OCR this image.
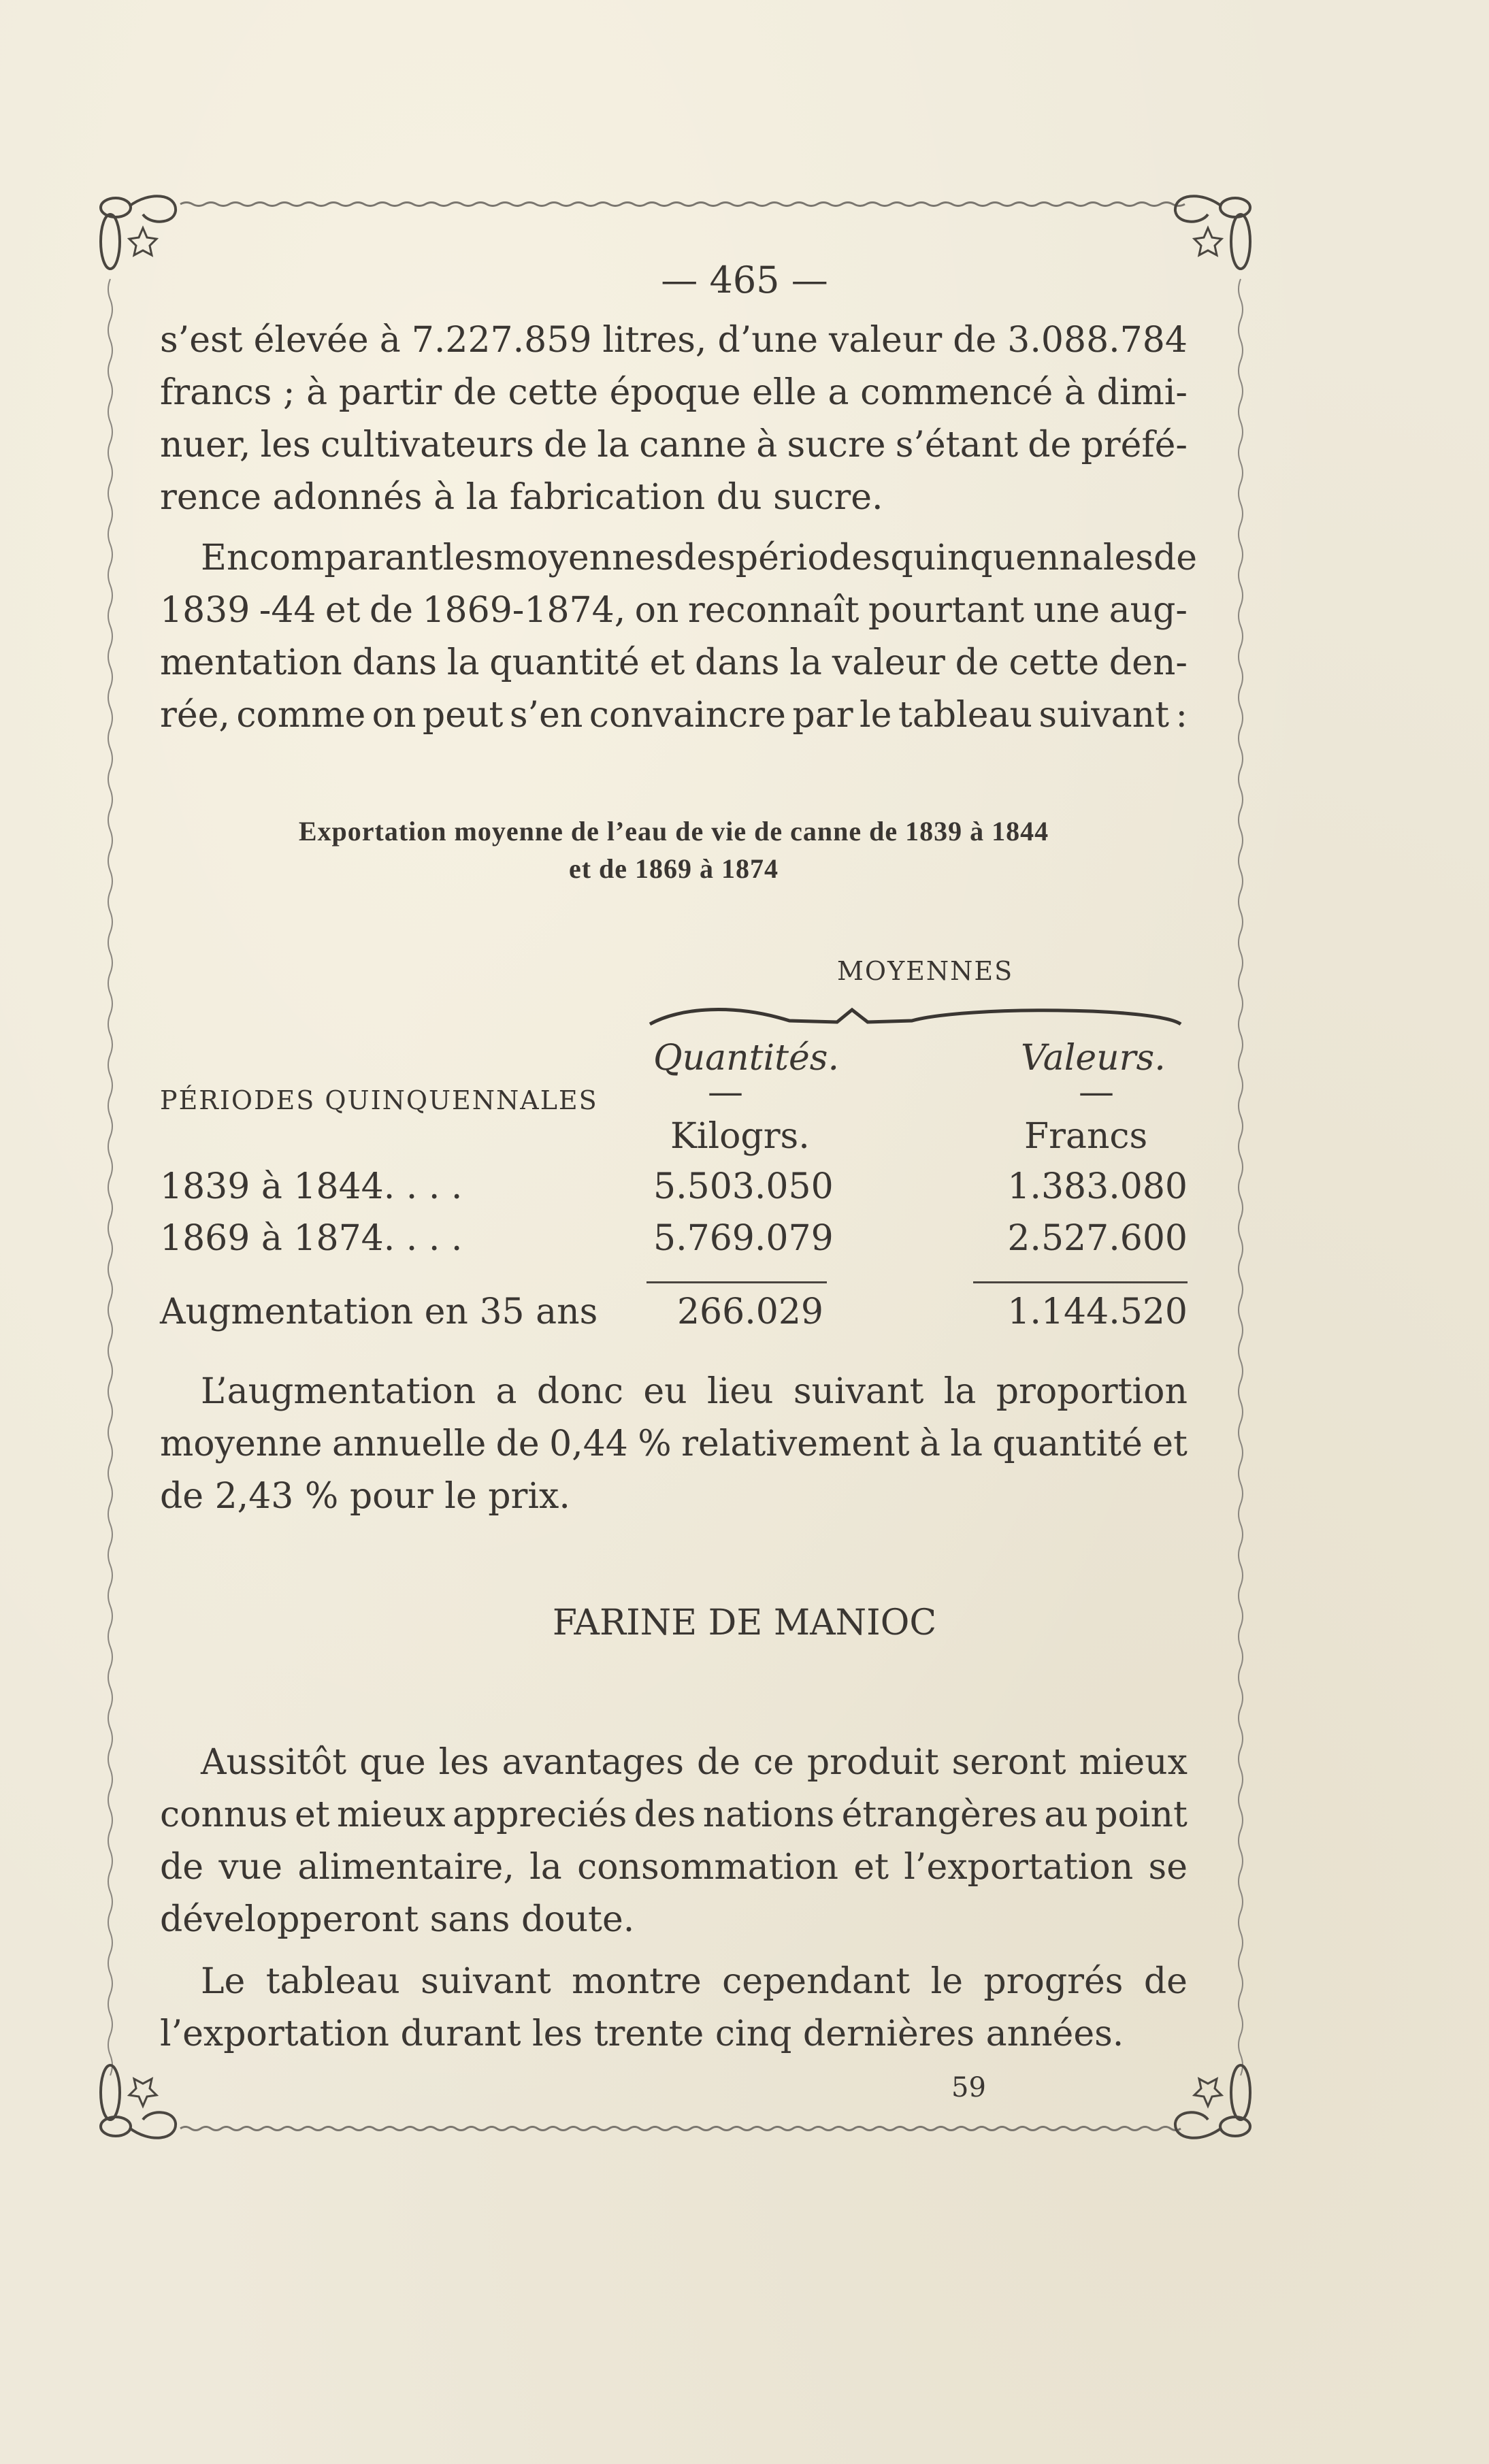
— 465 —
s’est élevée à 7.227.859 litres, d’une valeur de 3.088.784
francs ; à partir de cette époque elle a commencé à dimi-
nuer, les cultivateurs de la canne à sucre s’étant de préfé-
rence adonnés à la fabrication du sucre.
En comparant les moyennes des périodes quinquennales de
1839 -44 et de 1869-1874, on reconnaît pourtant une aug-
mentation dans la quantité et dans la valeur de cette den-
rée, comme on peut s’en convaincre par le tableau suivant :
Exportation moyenne de l’eau de vie de canne de 1839 à 1844
et de 1869 à 1874
MOYENNES
Quantités.	Valeurs.
PÉRIODES QUINQUENNALES	—	—
Kilogrs.	Francs
1839 à 1844. . . .	5.503.050	1.383.080
1869 à 1874. . . .	5.769.079	2.527.600
Augmentation en 35 ans	266.029	1.144.520
L’augmentation a donc eu lieu suivant la proportion
moyenne annuelle de 0,44 % relativement à la quantité et
de 2,43 % pour le prix.
FARINE DE MANIOC
Aussitôt que les avantages de ce produit seront mieux
connus et mieux appreciés des nations étrangères au point
de vue alimentaire, la consommation et l’exportation se
développeront sans doute.
Le tableau suivant montre cependant le progrés de
l’exportation durant les trente cinq dernières années.
59
